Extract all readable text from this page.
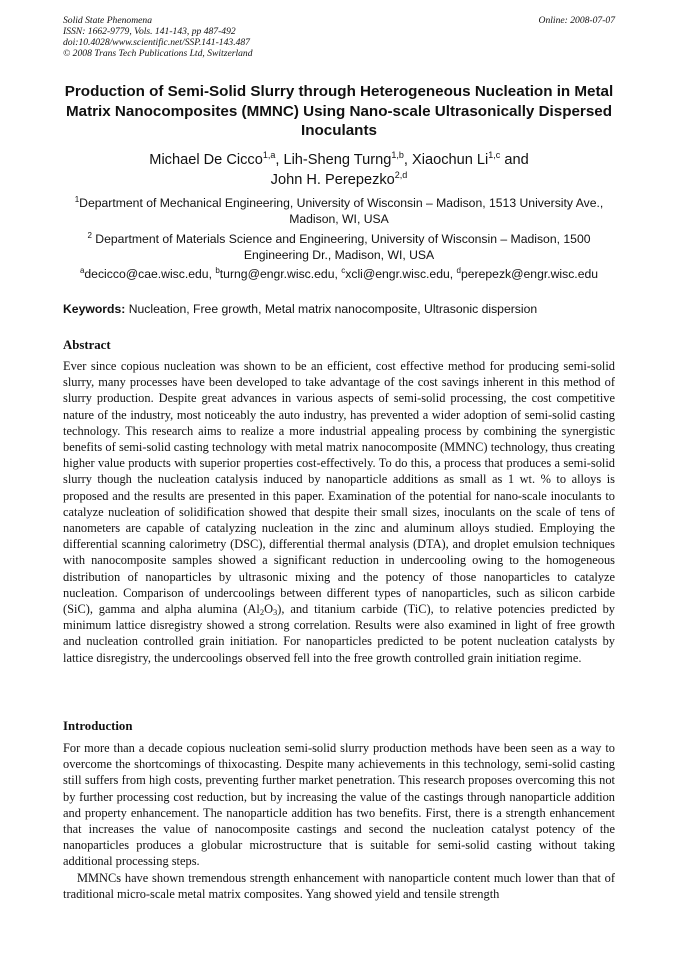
Solid State Phenomena
ISSN: 1662-9779, Vols. 141-143, pp 487-492
doi:10.4028/www.scientific.net/SSP.141-143.487
© 2008 Trans Tech Publications Ltd, Switzerland
Online: 2008-07-07
Production of Semi-Solid Slurry through Heterogeneous Nucleation in Metal Matrix Nanocomposites (MMNC) Using Nano-scale Ultrasonically Dispersed Inoculants
Michael De Cicco$^{1,a}$, Lih-Sheng Turng$^{1,b}$, Xiaochun Li$^{1,c}$ and
John H. Perepezko$^{2,d}$
$^1$Department of Mechanical Engineering, University of Wisconsin – Madison, 1513 University Ave., Madison, WI, USA
$^2$ Department of Materials Science and Engineering, University of Wisconsin – Madison, 1500 Engineering Dr., Madison, WI, USA
$^a$decicco@cae.wisc.edu, $^b$turng@engr.wisc.edu, $^c$xcli@engr.wisc.edu, $^d$perepezk@engr.wisc.edu
Keywords: Nucleation, Free growth, Metal matrix nanocomposite, Ultrasonic dispersion
Abstract

Ever since copious nucleation was shown to be an efficient, cost effective method for producing semi-solid slurry, many processes have been developed to take advantage of the cost savings inherent in this method of slurry production. Despite great advances in various aspects of semi-solid processing, the cost competitive nature of the industry, most noticeably the auto industry, has prevented a wider adoption of semi-solid casting technology. This research aims to realize a more industrial appealing process by combining the synergistic benefits of semi-solid casting technology with metal matrix nanocomposite (MMNC) technology, thus creating higher value products with superior properties cost-effectively. To do this, a process that produces a semi-solid slurry though the nucleation catalysis induced by nanoparticle additions as small as 1 wt. % to alloys is proposed and the results are presented in this paper. Examination of the potential for nano-scale inoculants to catalyze nucleation of solidification showed that despite their small sizes, inoculants on the scale of tens of nanometers are capable of catalyzing nucleation in the zinc and aluminum alloys studied. Employing the differential scanning calorimetry (DSC), differential thermal analysis (DTA), and droplet emulsion techniques with nanocomposite samples showed a significant reduction in undercooling owing to the homogeneous distribution of nanoparticles by ultrasonic mixing and the potency of those nanoparticles to catalyze nucleation. Comparison of undercoolings between different types of nanoparticles, such as silicon carbide (SiC), gamma and alpha alumina $(Al_2O_3)$, and titanium carbide (TiC), to relative potencies predicted by minimum lattice disregistry showed a strong correlation. Results were also examined in light of free growth and nucleation controlled grain initiation. For nanoparticles predicted to be potent nucleation catalysts by lattice disregistry, the undercoolings observed fell into the free growth controlled grain initiation regime.

Introduction

For more than a decade copious nucleation semi-solid slurry production methods have been seen as a way to overcome the shortcomings of thixocasting. Despite many achievements in this technology, semi-solid casting still suffers from high costs, preventing further market penetration. This research proposes overcoming this not by further processing cost reduction, but by increasing the value of the castings through nanoparticle addition and property enhancement. The nanoparticle addition has two benefits. First, there is a strength enhancement that increases the value of nanocomposite castings and second the nucleation catalyst potency of the nanoparticles produces a globular microstructure that is suitable for semi-solid casting without taking additional processing steps.

MMNCs have shown tremendous strength enhancement with nanoparticle content much lower than that of traditional micro-scale metal matrix composites. Yang showed yield and tensile strength
